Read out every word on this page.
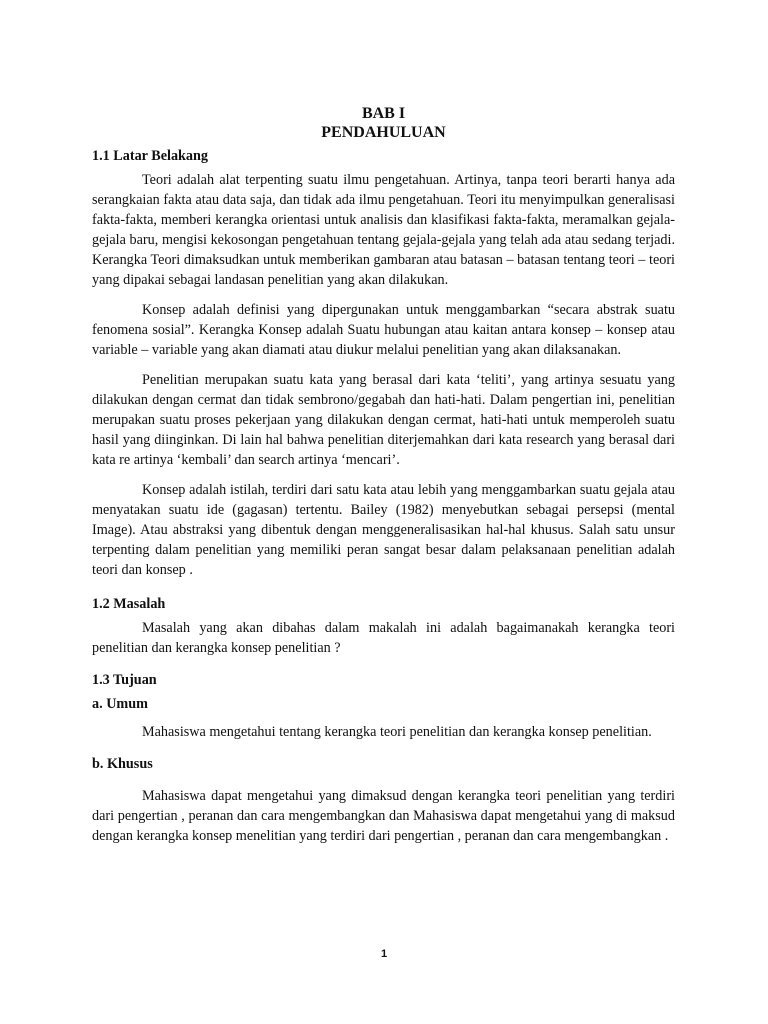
BAB I
PENDAHULUAN
1.1 Latar Belakang

Teori adalah alat terpenting suatu ilmu pengetahuan. Artinya, tanpa teori berarti hanya ada serangkaian fakta atau data saja, dan tidak ada ilmu pengetahuan. Teori itu menyimpulkan generalisasi fakta-fakta, memberi kerangka orientasi untuk analisis dan klasifikasi fakta-fakta, meramalkan gejala-gejala baru, mengisi kekosongan pengetahuan tentang gejala-gejala yang telah ada atau sedang terjadi. Kerangka Teori dimaksudkan untuk memberikan gambaran atau batasan – batasan tentang teori – teori yang dipakai sebagai landasan penelitian yang akan dilakukan.

Konsep adalah definisi yang dipergunakan untuk menggambarkan “secara abstrak suatu fenomena sosial”. Kerangka Konsep adalah Suatu hubungan atau kaitan antara konsep – konsep atau variable – variable yang akan diamati atau diukur melalui penelitian yang akan dilaksanakan.

Penelitian merupakan suatu kata yang berasal dari kata ‘teliti’, yang artinya sesuatu yang dilakukan dengan cermat dan tidak sembrono/gegabah dan hati-hati. Dalam pengertian ini, penelitian merupakan suatu proses pekerjaan yang dilakukan dengan cermat, hati-hati untuk memperoleh suatu hasil yang diinginkan. Di lain hal bahwa penelitian diterjemahkan dari kata research yang berasal dari kata re artinya ‘kembali’ dan search artinya ‘mencari’.

Konsep adalah istilah, terdiri dari satu kata atau lebih yang menggambarkan suatu gejala atau menyatakan suatu ide (gagasan) tertentu. Bailey (1982) menyebutkan sebagai persepsi (mental Image). Atau abstraksi yang dibentuk dengan menggeneralisasikan hal-hal khusus. Salah satu unsur terpenting dalam penelitian yang memiliki peran sangat besar dalam pelaksanaan penelitian adalah teori dan konsep .

1.2 Masalah

Masalah yang akan dibahas dalam makalah ini adalah bagaimanakah kerangka teori penelitian dan kerangka konsep penelitian ?

1.3 Tujuan
a. Umum

Mahasiswa mengetahui tentang kerangka teori penelitian dan kerangka konsep penelitian.

b. Khusus

Mahasiswa dapat mengetahui yang dimaksud dengan kerangka teori penelitian yang terdiri dari pengertian , peranan dan cara mengembangkan dan Mahasiswa dapat mengetahui yang di maksud dengan kerangka konsep menelitian yang terdiri dari pengertian , peranan dan cara mengembangkan .

1
